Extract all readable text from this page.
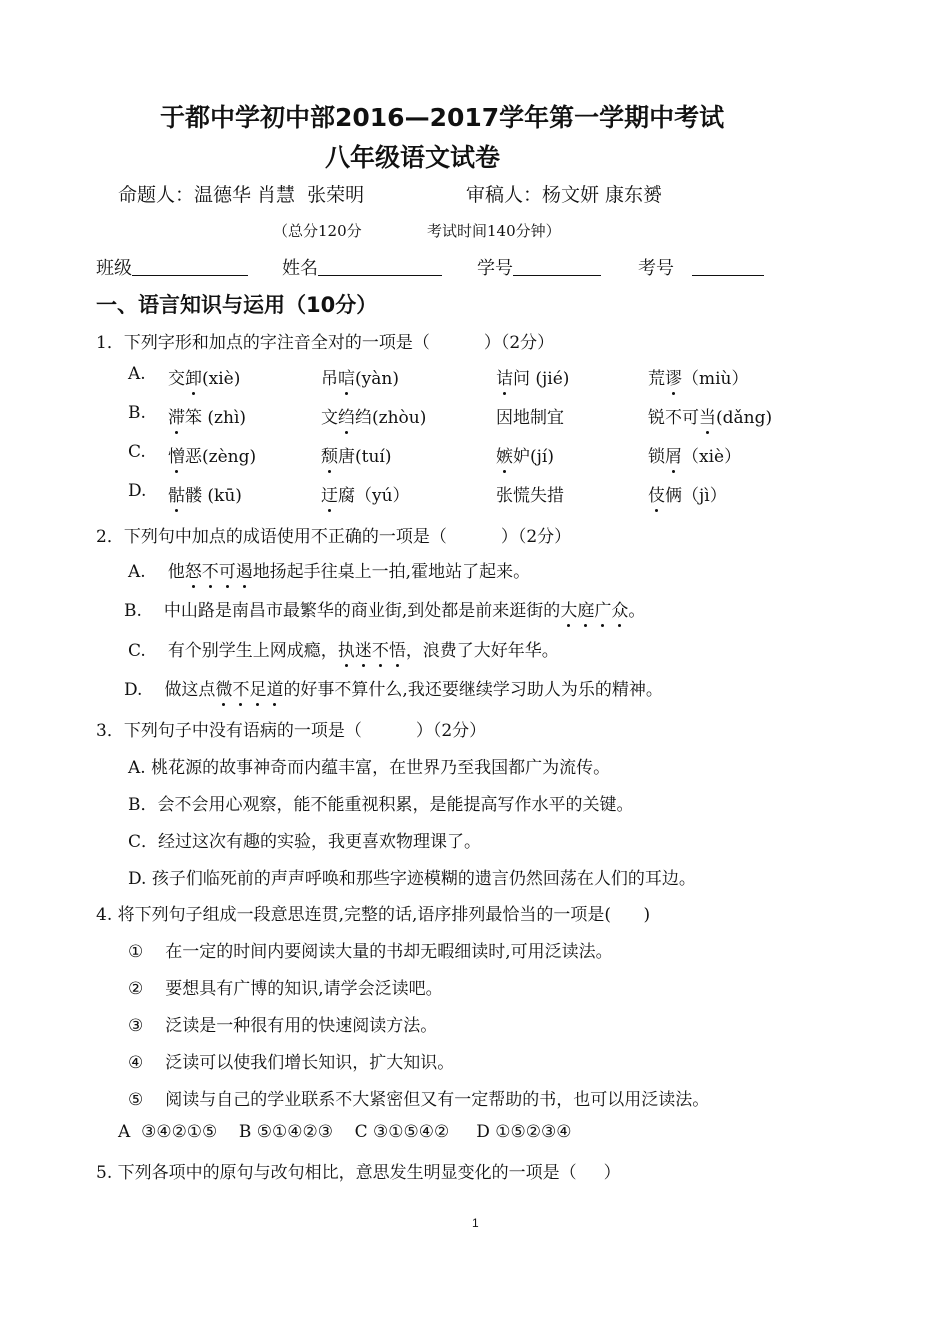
于都中学初中部2016—2017学年第一学期中考试
八年级语文试卷
命题人：温德华 肖慧  张荣明	审稿人：杨文妍 康东赟
（总分120分	考试时间140分钟）
班级	姓名	学号	考号
一、语言知识与运用（10分）
1．下列字形和加点的字注音全对的一项是（          ）（2分）
A. 交卸(xiè)	吊唁(yàn)	诘问 (jié)	荒谬（miù）
B. 滞笨 (zhì)	文绉绉(zhòu)	因地制宜	锐不可当(dǎng)
C. 憎恶(zèng)	颓唐(tuí)	嫉妒(jí)	锁屑（xiè）
D. 骷髅 (kū)	迂腐（yú）	张慌失措	伎俩（jì）
2．下列句中加点的成语使用不正确的一项是（          ）（2分）
A. 他怒不可遏地扬起手往桌上一拍,霍地站了起来。
B. 中山路是南昌市最繁华的商业街,到处都是前来逛街的大庭广众。
C. 有个别学生上网成瘾，执迷不悟，浪费了大好年华。
D. 做这点微不足道的好事不算什么,我还要继续学习助人为乐的精神。
3．下列句子中没有语病的一项是（          ）（2分）
A. 桃花源的故事神奇而内蕴丰富，在世界乃至我国都广为流传。
B．会不会用心观察，能不能重视积累，是能提高写作水平的关键。
C．经过这次有趣的实验，我更喜欢物理课了。
D. 孩子们临死前的声声呼唤和那些字迹模糊的遗言仍然回荡在人们的耳边。
4. 将下列句子组成一段意思连贯,完整的话,语序排列最恰当的一项是(      )
① 在一定的时间内要阅读大量的书却无暇细读时,可用泛读法。
② 要想具有广博的知识,请学会泛读吧。
③ 泛读是一种很有用的快速阅读方法。
④ 泛读可以使我们增长知识，扩大知识。
⑤ 阅读与自己的学业联系不大紧密但又有一定帮助的书，也可以用泛读法。
A  ③④②①⑤    B ⑤①④②③    C ③①⑤④②     D ①⑤②③④
5. 下列各项中的原句与改句相比，意思发生明显变化的一项是（     ）
1
